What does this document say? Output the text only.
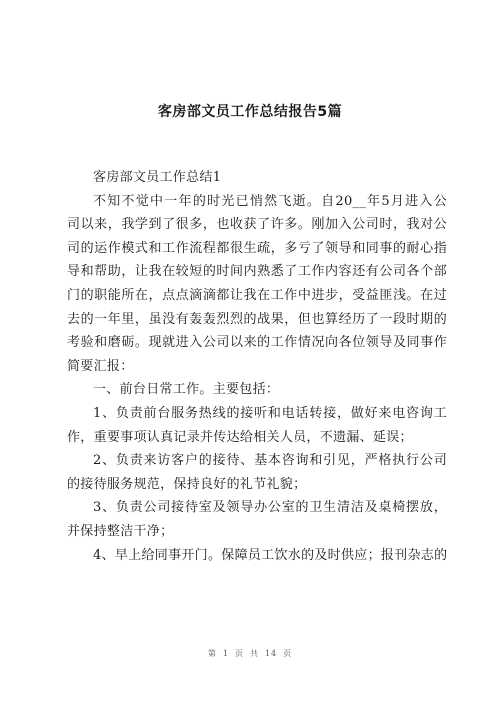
客房部文员工作总结报告5篇
客房部文员工作总结1
不知不觉中一年的时光已悄然飞逝。自20__年5月进入公
司以来，我学到了很多，也收获了许多。刚加入公司时，我对公
司的运作模式和工作流程都很生疏，多亏了领导和同事的耐心指
导和帮助，让我在较短的时间内熟悉了工作内容还有公司各个部
门的职能所在，点点滴滴都让我在工作中进步，受益匪浅。在过
去的一年里，虽没有轰轰烈烈的战果，但也算经历了一段时期的
考验和磨砺。现就进入公司以来的工作情况向各位领导及同事作
简要汇报：
一、前台日常工作。主要包括：
1、负责前台服务热线的接听和电话转接，做好来电咨询工
作，重要事项认真记录并传达给相关人员，不遗漏、延误；
2、负责来访客户的接待、基本咨询和引见，严格执行公司
的接待服务规范，保持良好的礼节礼貌；
3、负责公司接待室及领导办公室的卫生清洁及桌椅摆放，
并保持整洁干净；
4、早上给同事开门。保障员工饮水的及时供应；报刊杂志的
第 1 页 共 14 页
